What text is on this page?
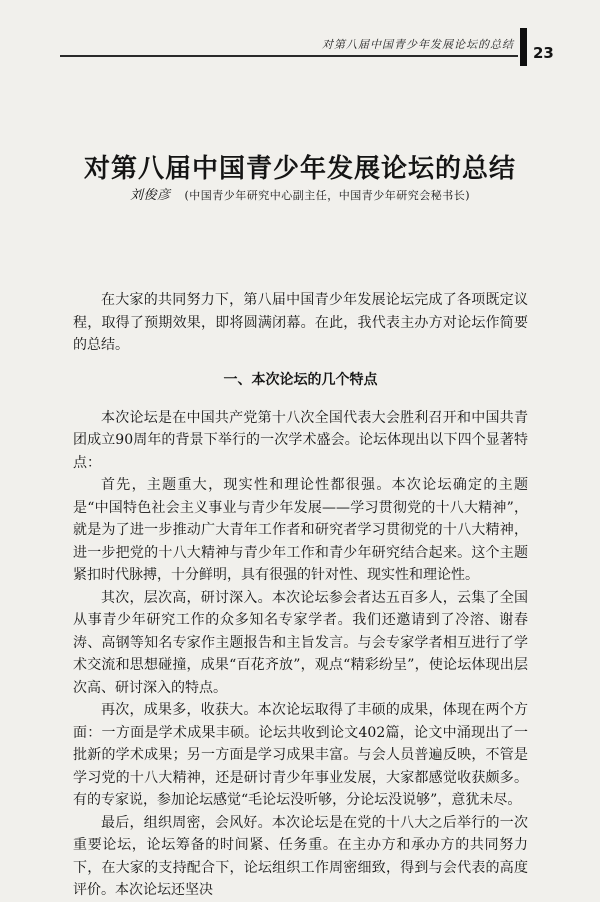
对第八届中国青少年发展论坛的总结 23
对第八届中国青少年发展论坛的总结
刘俊彦 (中国青少年研究中心副主任，中国青少年研究会秘书长)

在大家的共同努力下，第八届中国青少年发展论坛完成了各项既定议程，取得了预期效果，即将圆满闭幕。在此，我代表主办方对论坛作简要的总结。

一、本次论坛的几个特点

本次论坛是在中国共产党第十八次全国代表大会胜利召开和中国共青团成立90周年的背景下举行的一次学术盛会。论坛体现出以下四个显著特点：

首先，主题重大，现实性和理论性都很强。本次论坛确定的主题是“中国特色社会主义事业与青少年发展——学习贯彻党的十八大精神”，就是为了进一步推动广大青年工作者和研究者学习贯彻党的十八大精神，进一步把党的十八大精神与青少年工作和青少年研究结合起来。这个主题紧扣时代脉搏，十分鲜明，具有很强的针对性、现实性和理论性。

其次，层次高，研讨深入。本次论坛参会者达五百多人，云集了全国从事青少年研究工作的众多知名专家学者。我们还邀请到了冷溶、谢春涛、高钢等知名专家作主题报告和主旨发言。与会专家学者相互进行了学术交流和思想碰撞，成果“百花齐放”，观点“精彩纷呈”，使论坛体现出层次高、研讨深入的特点。

再次，成果多，收获大。本次论坛取得了丰硕的成果，体现在两个方面：一方面是学术成果丰硕。论坛共收到论文402篇，论文中涌现出了一批新的学术成果；另一方面是学习成果丰富。与会人员普遍反映，不管是学习党的十八大精神，还是研讨青少年事业发展，大家都感觉收获颇多。有的专家说，参加论坛感觉“毛论坛没听够，分论坛没说够”，意犹未尽。

最后，组织周密，会风好。本次论坛是在党的十八大之后举行的一次重要论坛，论坛筹备的时间紧、任务重。在主办方和承办方的共同努力下，在大家的支持配合下，论坛组织工作周密细致，得到与会代表的高度评价。本次论坛还坚决
